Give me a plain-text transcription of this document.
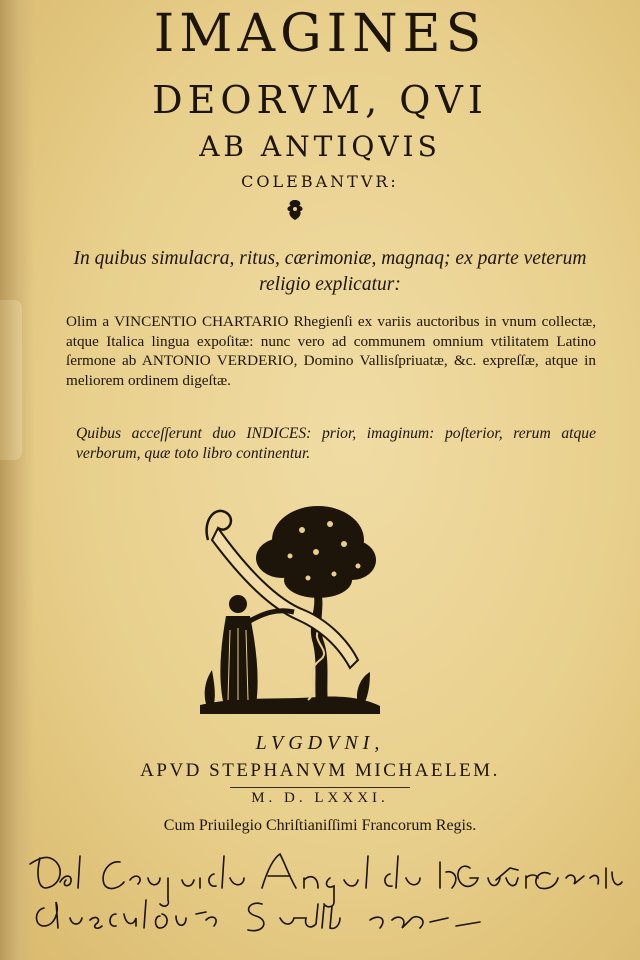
IMAGINES
DEORVM, QVI
AB ANTIQVIS
COLEBANTVR:
In quibus simulacra, ritus, cærimoniæ, magnaq; ex parte veterum religio explicatur:
Olim a VINCENTIO CHARTARIO Rhegienſi ex variis auctoribus in vnum collectæ, atque Italica lingua expoſitæ: nunc vero ad communem omnium vtilitatem Latino ſermone ab ANTONIO VERDERIO, Domino Vallisſpriuatæ, &c. expreſſæ, atque in meliorem ordinem digeſtæ.
Quibus acceſſerunt duo INDICES: prior, imaginum: poſterior, rerum atque verborum, quæ toto libro continentur.
LVGDVNI,
APVD STEPHANVM MICHAELEM.
M. D. LXXXI.
Cum Priuilegio Chriſtianiſſimi Francorum Regis.
